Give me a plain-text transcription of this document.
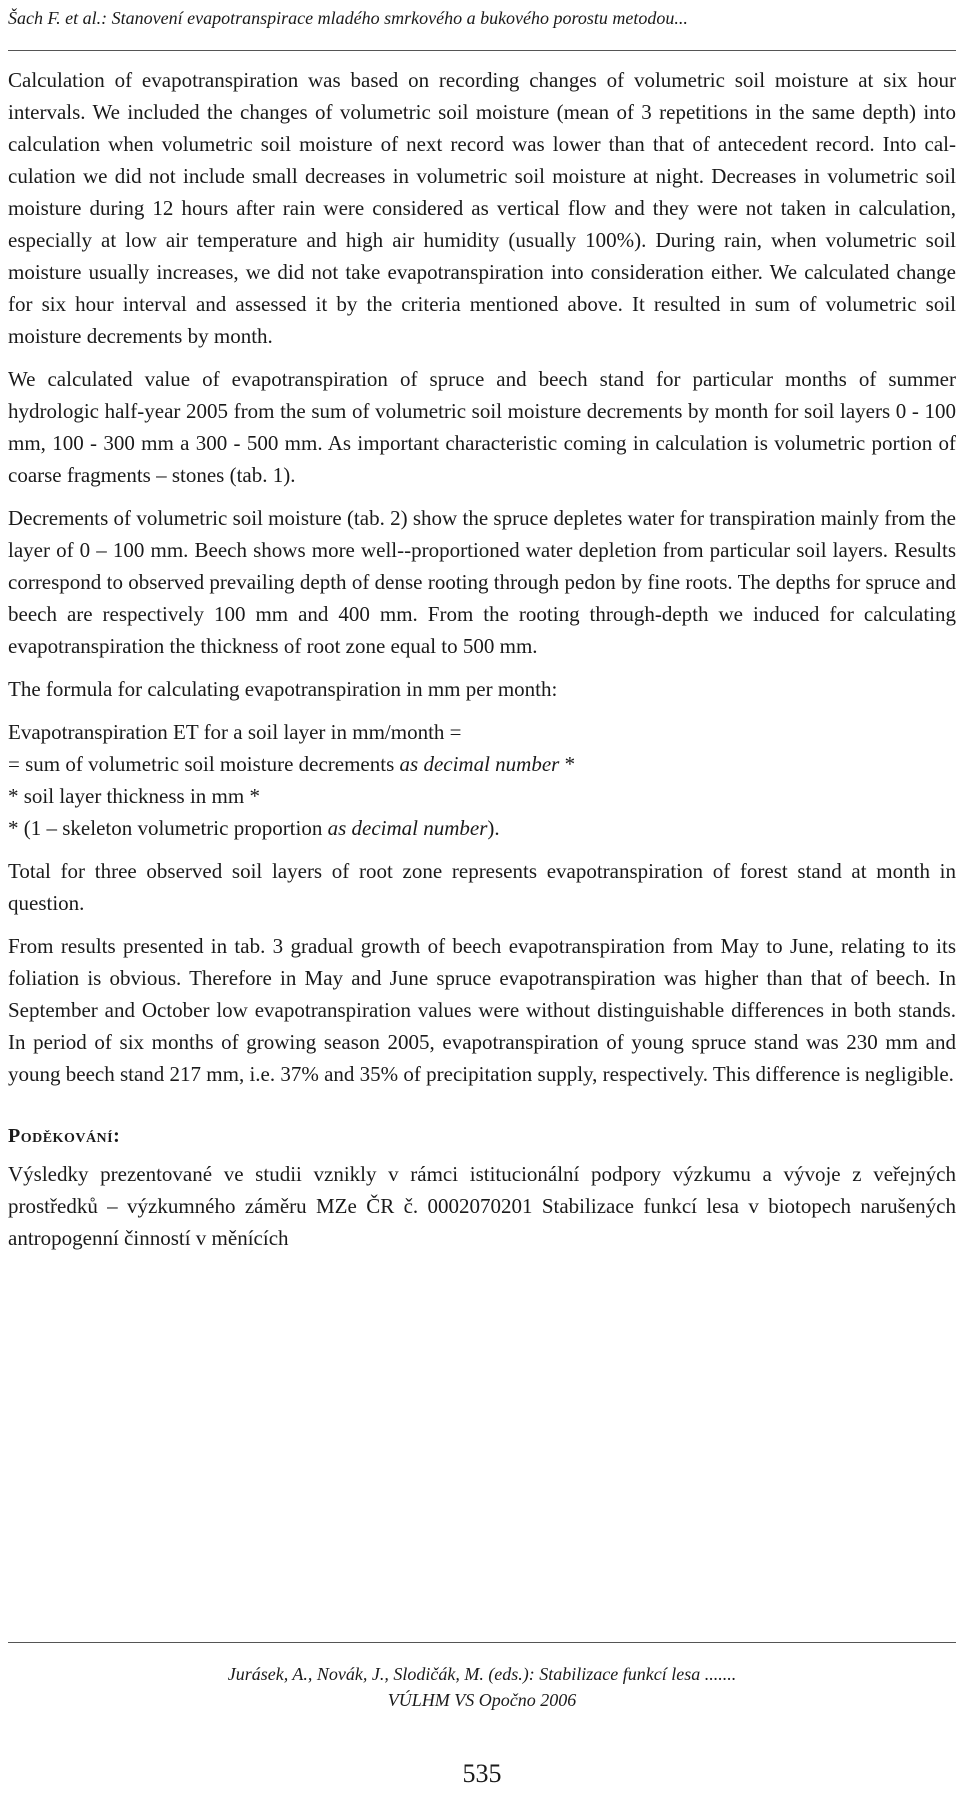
Šach F. et al.: Stanovení evapotranspirace mladého smrkového a bukového porostu metodou...

Calculation of evapotranspiration was based on recording changes of volumetric soil moisture at six hour intervals. We included the changes of volumetric soil moisture (mean of 3 repetitions in the same depth) into calculation when volumetric soil moisture of next record was lower than that of antecedent record. Into calculation we did not include small decreases in volumetric soil moisture at night. Decreases in volumetric soil moisture during 12 hours after rain were considered as vertical flow and they were not taken in calculation, especially at low air temperature and high air humidity (usually 100%). During rain, when volumetric soil moisture usually increases, we did not take evapotranspiration into consideration either. We calculated change for six hour interval and assessed it by the criteria mentioned above. It resulted in sum of volumetric soil moisture decrements by month.

We calculated value of evapotranspiration of spruce and beech stand for particular months of summer hydrologic half-year 2005 from the sum of volumetric soil moisture decrements by month for soil layers 0 - 100 mm, 100 - 300 mm a 300 - 500 mm. As important characteristic coming in calculation is volumetric portion of coarse fragments – stones (tab. 1).

Decrements of volumetric soil moisture (tab. 2) show the spruce depletes water for transpiration mainly from the layer of 0 – 100 mm. Beech shows more well--proportioned water depletion from particular soil layers. Results correspond to observed prevailing depth of dense rooting through pedon by fine roots. The depths for spruce and beech are respectively 100 mm and 400 mm. From the rooting through-depth we induced for calculating evapotranspiration the thickness of root zone equal to 500 mm.

The formula for calculating evapotranspiration in mm per month:

Evapotranspiration ET for a soil layer in mm/month =
= sum of volumetric soil moisture decrements as decimal number *
* soil layer thickness in mm *
* (1 – skeleton volumetric proportion as decimal number).

Total for three observed soil layers of root zone represents evapotranspiration of forest stand at month in question.

From results presented in tab. 3 gradual growth of beech evapotranspiration from May to June, relating to its foliation is obvious. Therefore in May and June spruce evapotranspiration was higher than that of beech. In September and October low evapotranspiration values were without distinguishable differences in both stands. In period of six months of growing season 2005, evapotranspiration of young spruce stand was 230 mm and young beech stand 217 mm, i.e. 37% and 35% of precipitation supply, respectively. This difference is negligible.

Poděkování:

Výsledky prezentované ve studii vznikly v rámci istitucionální podpory výzkumu a vývoje z veřejných prostředků – výzkumného záměru MZe ČR č. 0002070201 Stabilizace funkcí lesa v biotopech narušených antropogenní činností v měnících

Jurásek, A., Novák, J., Slodičák, M. (eds.): Stabilizace funkcí lesa .......
VÚLHM VS Opočno 2006
535
